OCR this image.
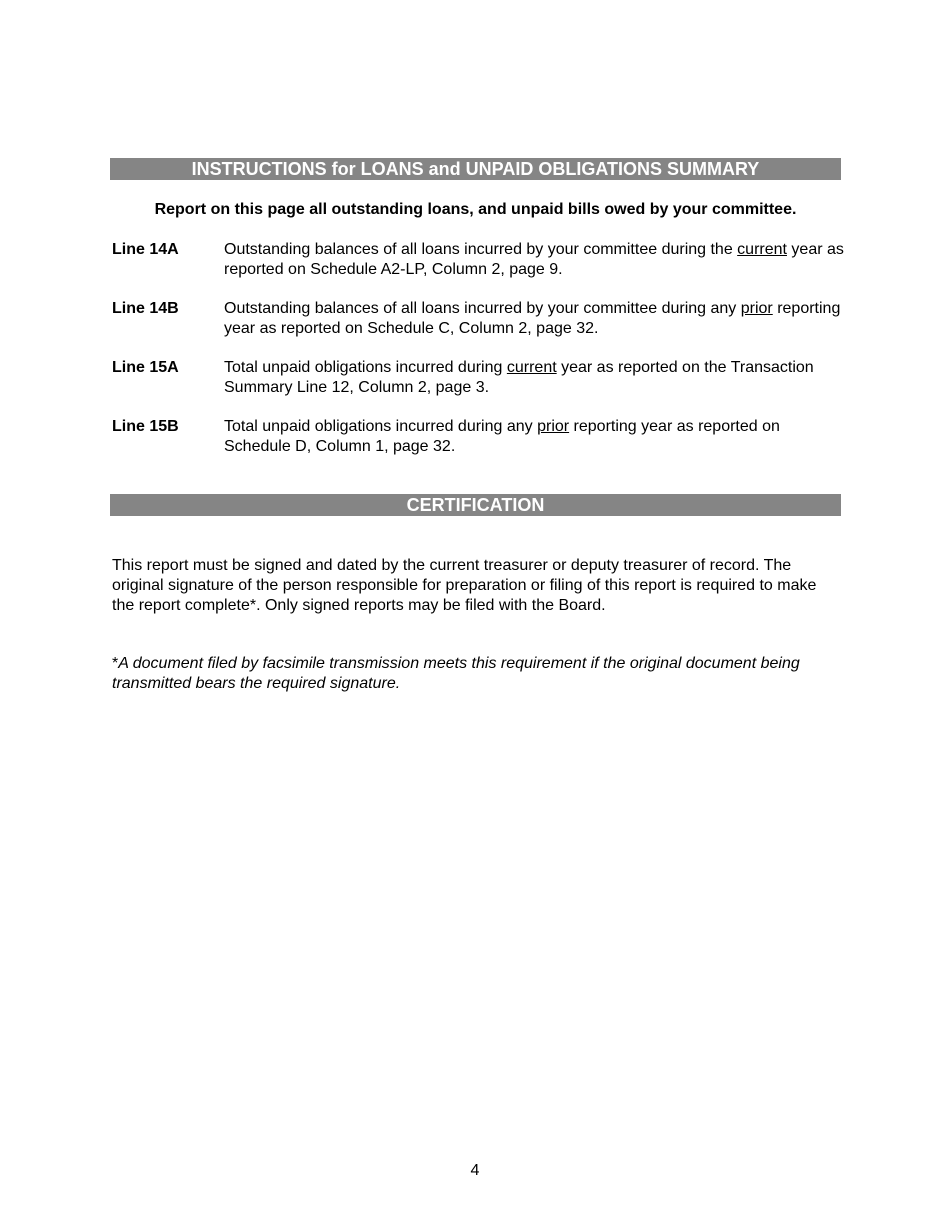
INSTRUCTIONS for LOANS and UNPAID OBLIGATIONS SUMMARY
Report on this page all outstanding loans, and unpaid bills owed by your committee.
Line 14A	Outstanding balances of all loans incurred by your committee during the current year as reported on Schedule A2-LP, Column 2, page 9.
Line 14B	Outstanding balances of all loans incurred by your committee during any prior reporting year as reported on Schedule C, Column 2, page 32.
Line 15A	Total unpaid obligations incurred during current year as reported on the Transaction Summary Line 12, Column 2, page 3.
Line 15B	Total unpaid obligations incurred during any prior reporting year as reported on Schedule D, Column 1, page 32.
CERTIFICATION
This report must be signed and dated by the current treasurer or deputy treasurer of record. The original signature of the person responsible for preparation or filing of this report is required to make the report complete*. Only signed reports may be filed with the Board.
*A document filed by facsimile transmission meets this requirement if the original document being transmitted bears the required signature.
4
